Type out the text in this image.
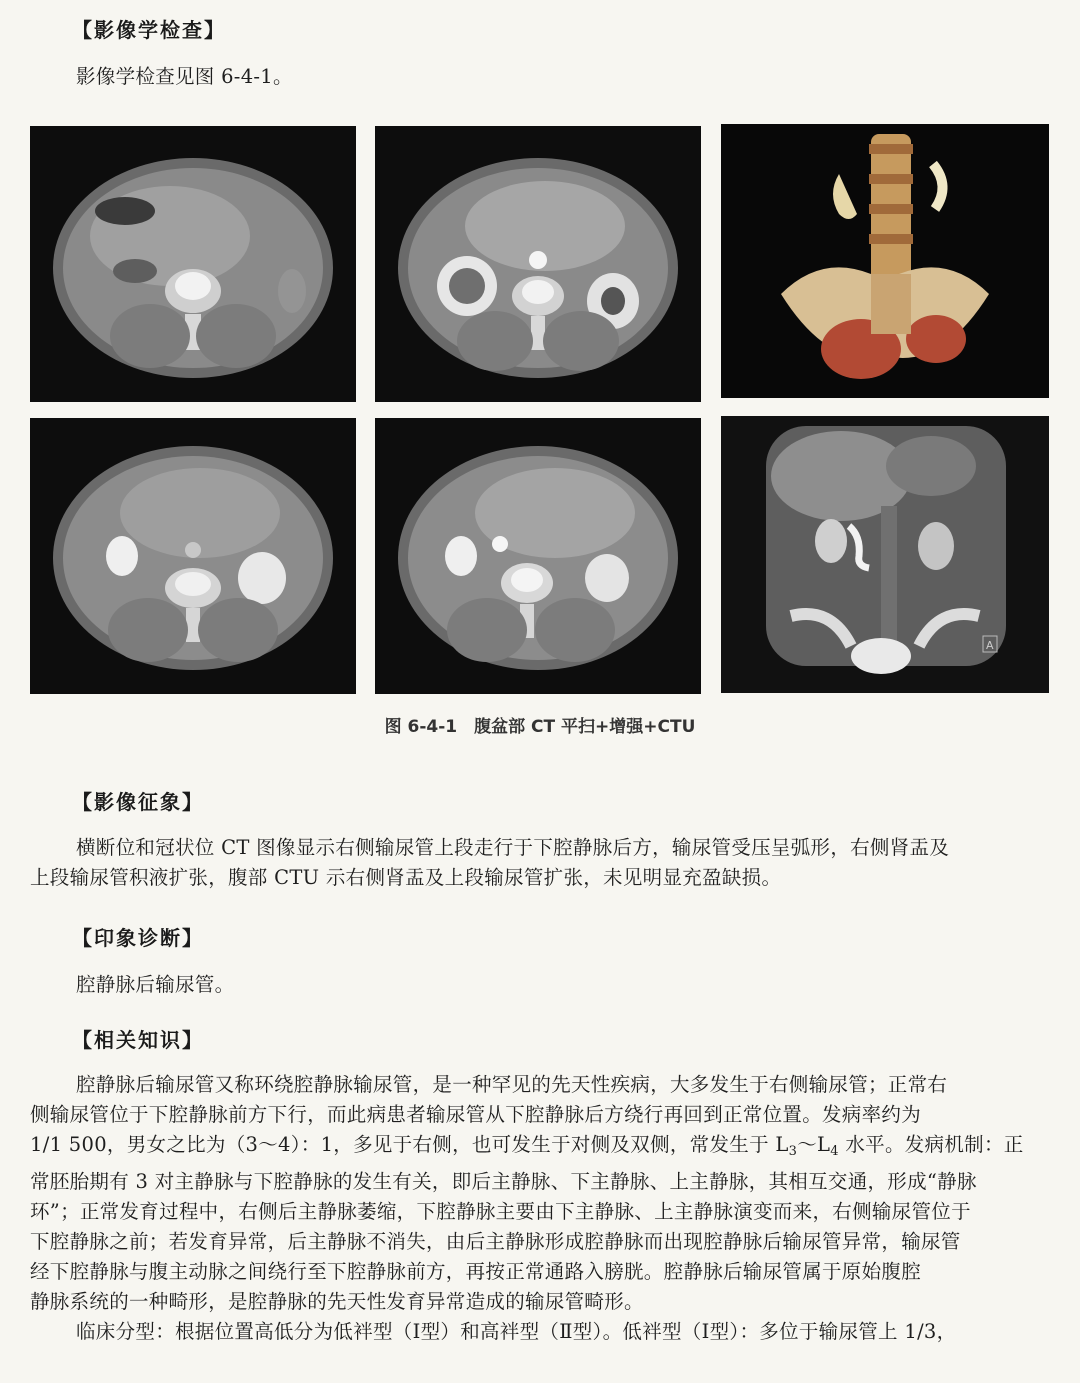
【影像学检查】
影像学检查见图 6-4-1。
A
图 6-4-1　腹盆部 CT 平扫+增强+CTU
【影像征象】
横断位和冠状位 CT 图像显示右侧输尿管上段走行于下腔静脉后方，输尿管受压呈弧形，右侧肾盂及
上段输尿管积液扩张，腹部 CTU 示右侧肾盂及上段输尿管扩张，未见明显充盈缺损。
【印象诊断】
腔静脉后输尿管。
【相关知识】
腔静脉后输尿管又称环绕腔静脉输尿管，是一种罕见的先天性疾病，大多发生于右侧输尿管；正常右
侧输尿管位于下腔静脉前方下行，而此病患者输尿管从下腔静脉后方绕行再回到正常位置。发病率约为
1/1 500，男女之比为（3～4）：1，多见于右侧，也可发生于对侧及双侧，常发生于 $L_3\sim L_4$ 水平。发病机制：正
常胚胎期有 3 对主静脉与下腔静脉的发生有关，即后主静脉、下主静脉、上主静脉，其相互交通，形成“静脉
环”；正常发育过程中，右侧后主静脉萎缩，下腔静脉主要由下主静脉、上主静脉演变而来，右侧输尿管位于
下腔静脉之前；若发育异常，后主静脉不消失，由后主静脉形成腔静脉而出现腔静脉后输尿管异常，输尿管
经下腔静脉与腹主动脉之间绕行至下腔静脉前方，再按正常通路入膀胱。腔静脉后输尿管属于原始腹腔
静脉系统的一种畸形，是腔静脉的先天性发育异常造成的输尿管畸形。
临床分型：根据位置高低分为低袢型（Ⅰ型）和高袢型（Ⅱ型）。低袢型（Ⅰ型）：多位于输尿管上 1/3，
